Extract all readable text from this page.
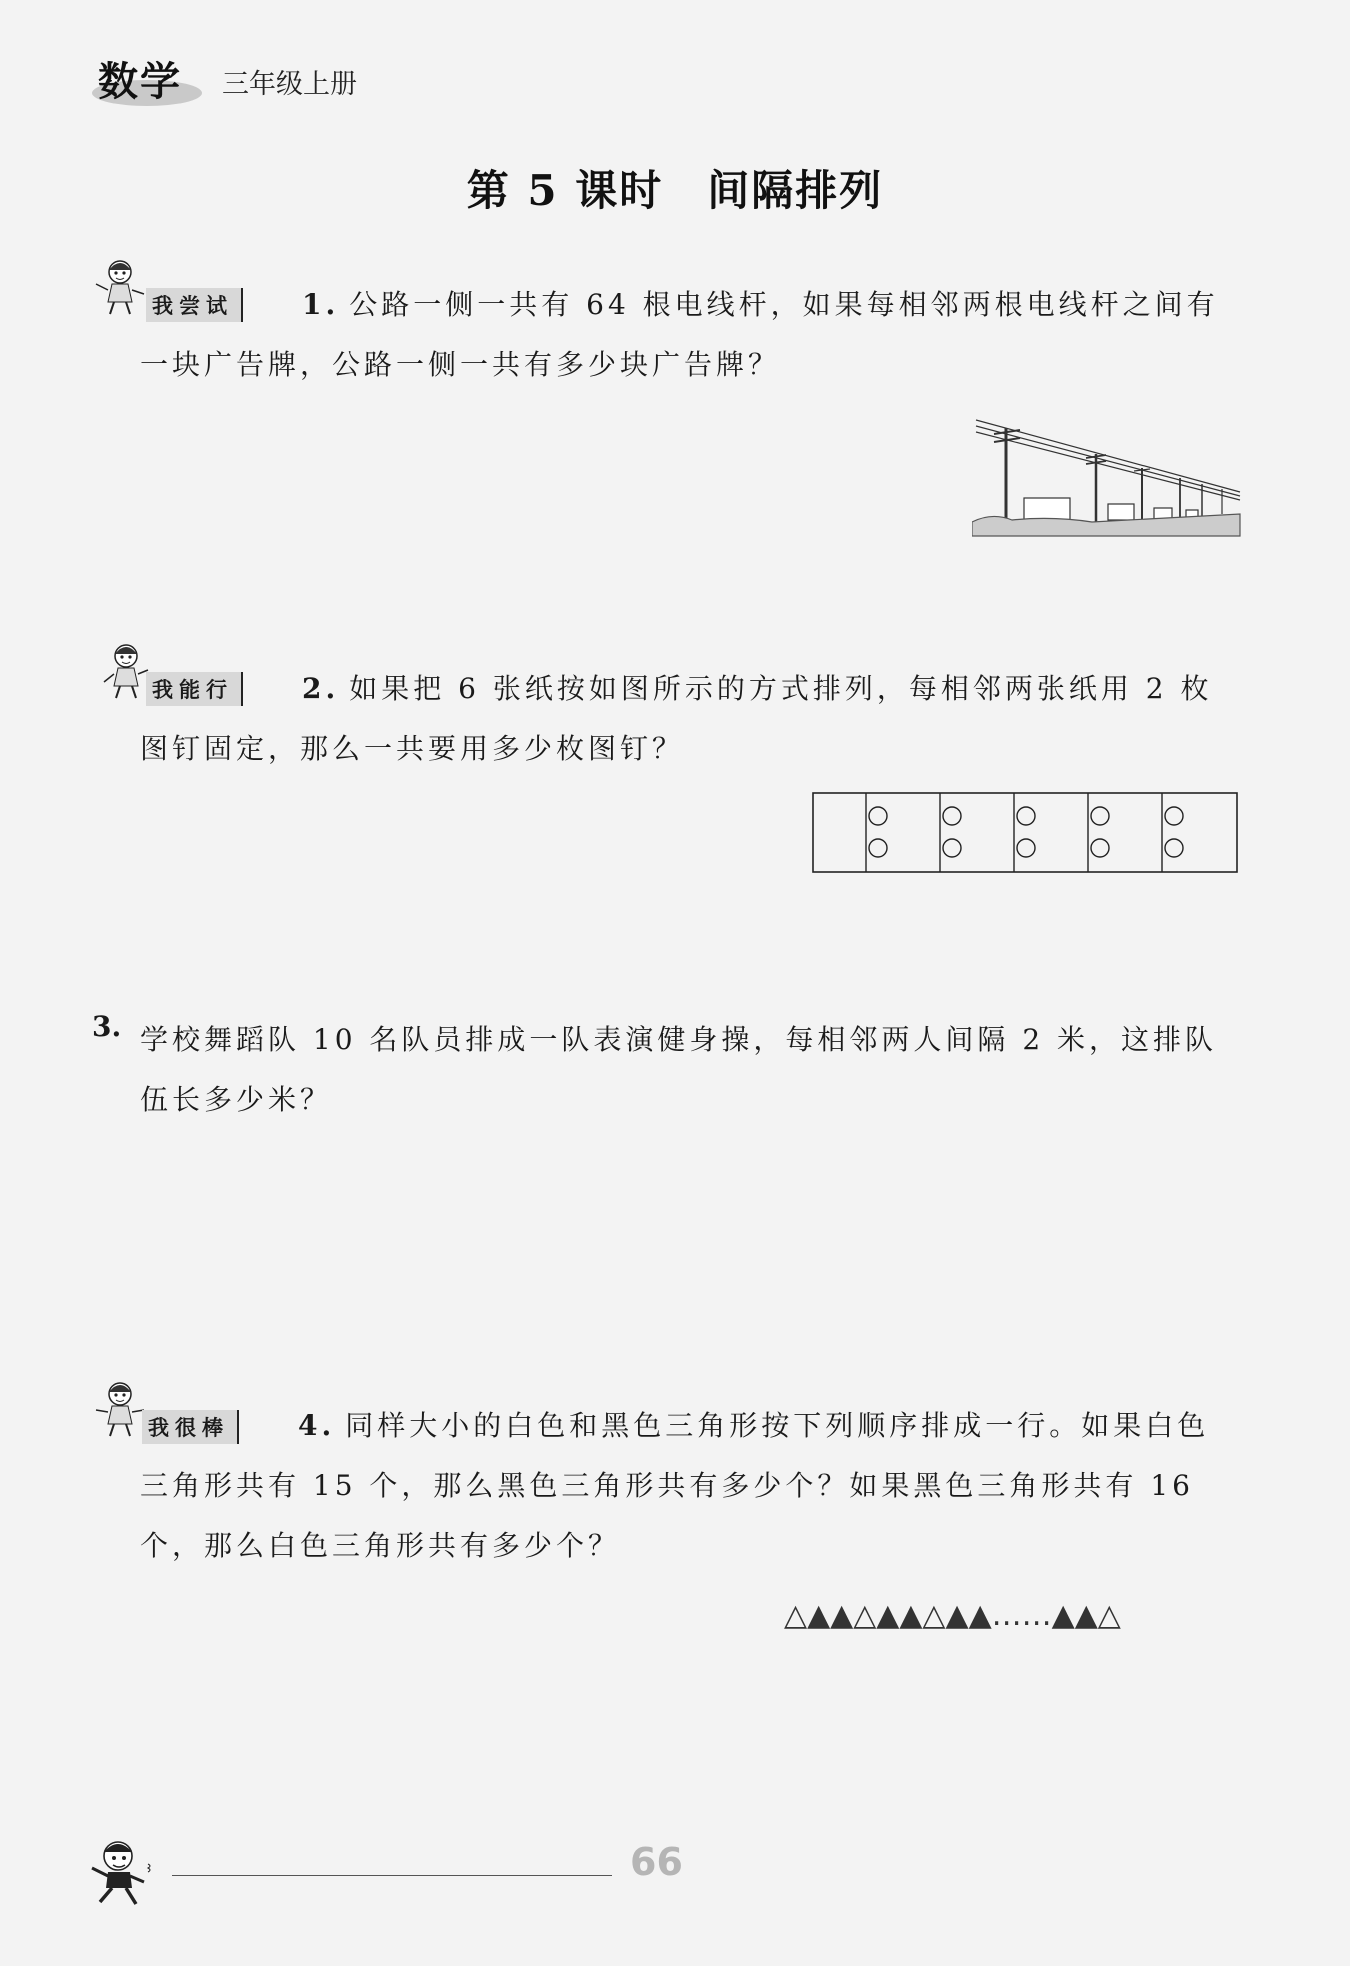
数学 三年级上册
第 5 课时　间隔排列
我尝试	1. 公路一侧一共有 64 根电线杆，如果每相邻两根电线杆之间有一块广告牌，公路一侧一共有多少块广告牌？
我能行	2. 如果把 6 张纸按如图所示的方式排列，每相邻两张纸用 2 枚图钉固定，那么一共要用多少枚图钉？
3. 学校舞蹈队 10 名队员排成一队表演健身操，每相邻两人间隔 2 米，这排队伍长多少米？
我很棒	4. 同样大小的白色和黑色三角形按下列顺序排成一行。如果白色三角形共有 15 个，那么黑色三角形共有多少个？如果黑色三角形共有 16 个，那么白色三角形共有多少个？
△▲▲△▲▲△▲▲……▲▲△
66
